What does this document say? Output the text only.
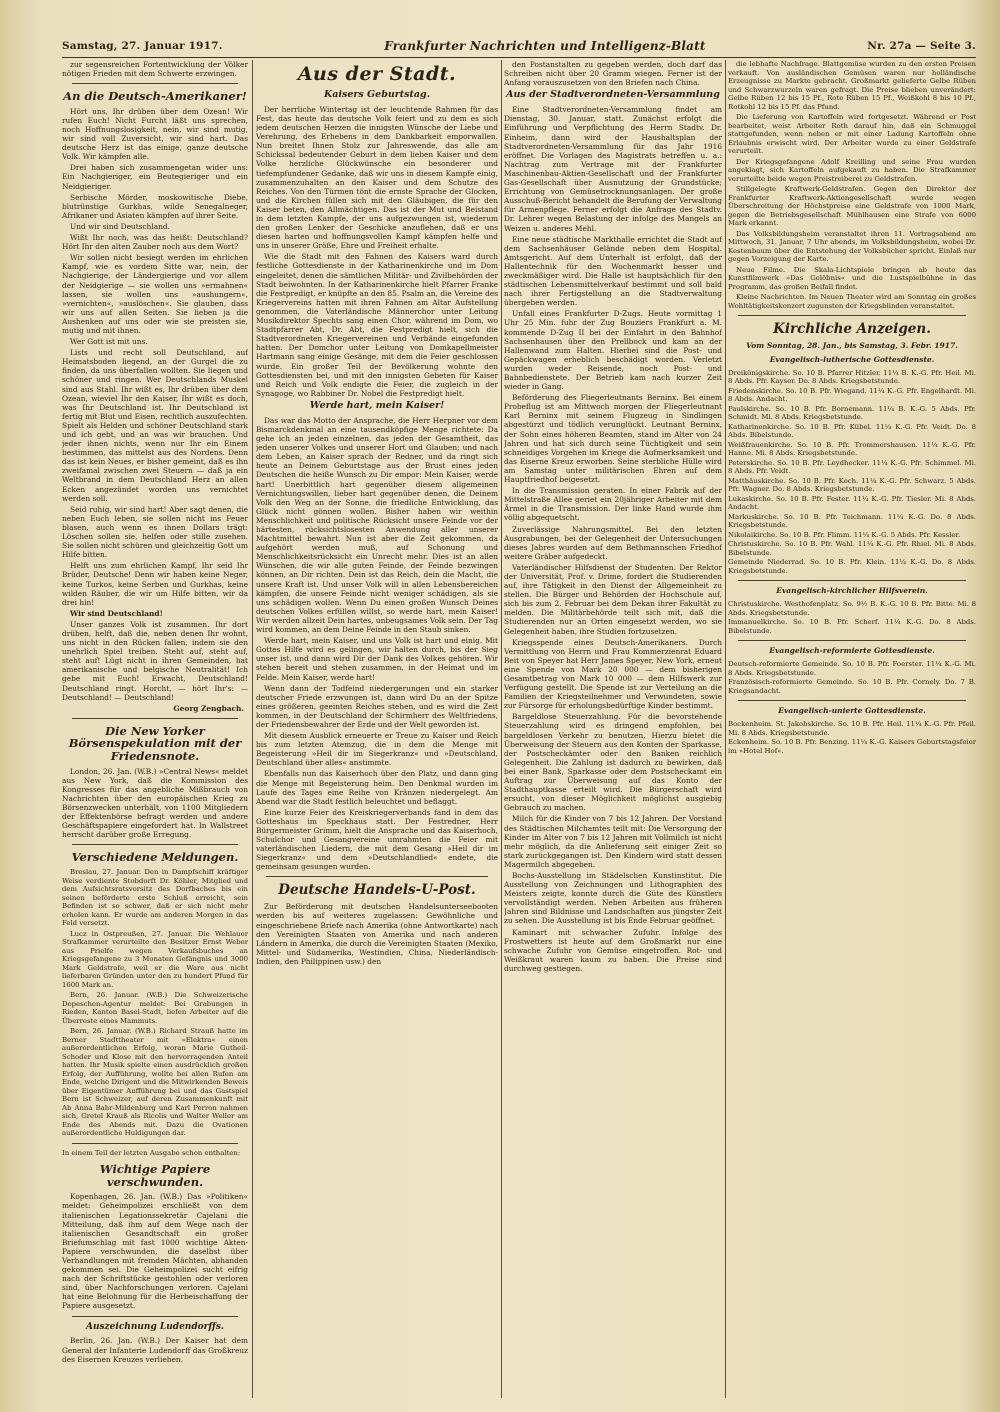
Samstag, 27. Januar 1917.	Frankfurter Nachrichten und Intelligenz-Blatt	Nr. 27a — Seite 3.

zur segensreichen Fortentwicklung der Völker nötigen Frieden mit dem Schwerte erzwingen.

An die Deutsch-Amerikaner!

Hört uns, Ihr drüben über dem Ozean! Wir rufen Euch! Nicht Furcht läßt uns sprechen, noch Hoffnungslosigkeit, nein, wir sind mutig, wir sind voll Zuversicht, wir sind hart. Das deutsche Herz ist das einige, ganze deutsche Volk. Wir kämpfen alle.

Drei haben sich zusammengetan wider uns: Ein Nachgieriger, ein Beutegieriger und ein Neidgieriger.

Serbische Mörder, moskowitische Diebe, blutrünstige Gurkhas, wilde Senegalneger, Afrikaner und Asiaten kämpfen auf ihrer Seite.

Und wir sind Deutschland.

Wißt Ihr noch, was das heißt: Deutschland? Hört Ihr den alten Zauber noch aus dem Wort?

Wir sollen nicht besiegt werden im ehrlichen Kampf, wie es vordem Sitte war, nein, der Nachgierige, der Ländergierige und vor allem der Neidgierige — sie wollen uns »ermahnen« lassen, sie wollen uns »aushungern«, »vernichten«, »auslöschen«. Sie glauben, dass wir uns auf allen Seiten. Sie lieben ja die Aushenken auf uns oder wie sie preisten sie, mutig und mit ihnen.

Wer Gott ist mit uns.

Lists und recht soll Deutschland, auf Heimatsboden liegend, an der Gurgel die zu finden, da uns überfallen wollten. Sie liegen und schöner und ringen. Wer Deutschlands Muskel sind aus Stahl. Ihr wißt es, Ihr drüben über dem Ozean, wieviel Ihr den Kaiser, Ihr wißt es doch, was Ihr Deutschland ist. Ihr Deutschland ist fertig mit Blut und Eisen, rechtlich auszufechten. Spielt als Helden und schöner Deutschland stark und ich gebt, und an was wir brauchen. Und jeder ihnen nichts, wenn nur Ihr ein Einem bestimmen, das mittelst aus des Nordens. Denn das ist kein Neues, er bisher gemeint, daß es ihn zweifamal zwischen zwei Steuern — daß ja ein Weltbrand in dem Deutschland Herz an allen Ecken angezündet worden uns vernichtet werden soll.

Seid ruhig, wir sind hart! Aber sagt denen, die neben Euch leben, sie sollen nicht ins Feuer blasen, auch wenn es ihnen Dollars trägt: Löschen sollen sie, helfen oder stille zusehen. Sie sollen nicht schüren und gleichzeitig Gott um Hilfe bitten.

Helft uns zum ehrlichen Kampf, Ihr seid Ihr Brüder, Deutsche! Denn wir haben keine Neger, keine Turkos, keine Serben und Gurkhas, keine wilden Räuber, die wir um Hilfe bitten, wir da drei hin!

Wir sind Deutschland!

Unser ganzes Volk ist zusammen. Ihr dort drüben, helft, daß die, neben denen Ihr wohnt, uns nicht in den Rücken fallen, indem sie den unehrlich Spiel treiben. Steht auf, steht auf, steht auf! Lügt nicht in ihren Gemeinden, hat amerikanische und belgische Neutralität! Ich gebe mit Euch! Erwacht, Deutschland! Deutschland ringt. Horcht, — hört Ihr's: — Deutschland! — Deutschland!

Georg Zengbach.
Die New Yorker Börsenspekulation mit der Friedensnote.

London, 26. Jan. (W.B.) »Central News« meldet aus New York, daß die Kommission des Kongresses für das angebliche Mißbrauch von Nachrichten über den europäischen Krieg zu Börsenzwecken unterhält, von 1100 Mitgliedern der Effektenbörse befragt werden und andere Geschäftspapiere eingefordert hat. In Wallstreet herrscht darüber große Erregung.

Verschiedene Meldungen.

Breslau, 27. Januar. Den in Dampfschiff kräftiger Weise verdiente Stobdorft Dr. Köhler, Mitglied und dem Aufsichtsratsvorsitz des Dorfbaches bis ein seinen beförderte erste Schluß erreicht, sein Befinden ist so schwer, daß er sich nicht mehr erholen kann. Er wurde am anderen Morgen in das Feld versetzt.

Lucz in Ostpreußen, 27. Januar. Die Wehlauer Strafkammer verurteilte den Besitzer Ernst Weber aus Prielfe wegen Verkaufsbuches an Kriegsgefangene zu 3 Monaten Gefängnis und 3000 Mark Geldstrafe, weil er die Ware aus nicht lieferbaren Gründen unter den zu hundert Pfund für 1600 Mark an.

Bern, 26. Januar. (W.B.) Die Schweizerische Depeschen-Agentur meldet: Bei Grabungen in Rieden, Kanton Basel-Stadt, liefen Arbeiter auf die Überreste eines Mammuts.

Bern, 26. Januar. (W.B.) Richard Strauß hatte im Berner Stadttheater mit »Elektra« einen außerordentlichen Erfolg, woran Marie Gutheil-Schoder und Klose mit den hervorragenden Anteil hatten. Ihr Musik spielte einen ausdrücklich großen Erfolg, der Aufführung, wollte bei allen Rufen am Ende, welche Dirigent und die Mitwirkenden Beweis über Eigentümer Aufführung bei und das Gastspiel Bern ist Schweizer, auf deren Zusammenkunft mit Ab Anna Bahr-Mildenburg und Karl Perron nahmen sich, Gretel Krauß als Ricolis und Walter Weller am Ende des Abends mit. Dazu die Ovationen außerordentliche Huldigungen dar.

In einem Teil der letzten Ausgabe schon enthalten:

Wichtige Papiere verschwunden.

Kopenhagen, 26. Jan. (W.B.) Das »Politiken« meldet: Geheimpolizei erschließt von dem italienischen Legationssekretär Cajelani die Mitteilung, daß ihm auf dem Wege nach der italienischen Gesandtschaft ein großer Briefumschlag mit fast 1000 wichtige Akten-Papiere verschwunden, die daselbst über Verhandlungen mit fremden Mächten, abhanden gekommen sei. Die Geheimpolizei sucht eifrig nach der Schriftstücke gestohlen oder verloren sind, über Nachforschungen verloren. Cajelani hat eine Belohnung für die Herbeischaffung der Papiere ausgesetzt.

Auszeichnung Ludendorffs.

Berlin, 26. Jan. (W.B.) Der Kaiser hat dem General der Infanterie Ludendorff das Großkreuz des Eisernen Kreuzes verliehen.

Aus der Stadt.
Kaisers Geburtstag.

Der herrliche Wintertag ist der leuchtende Rahmen für das Fest, das heute das deutsche Volk feiert und zu dem es sich jedem deutschen Herzen die innigsten Wünsche der Liebe und Verehrung, des Erhebens in dem Dankbarkeit emporwallen. Nun breitet Ihnen Stolz zur Jahreswende, das alle am Schickssal bedeutender Geburt in dem lieben Kaiser und dem Volke herzliche Glückwünsche ein besonderer und tiefempfundener Gedanke, daß wir uns in diesem Kampfe einig, zusammenzuhalten an den Kaiser und dem Schutze des Reiches. Von den Türmen tönt die ernste Sprache der Glocken, und die Kirchen füllen sich mit den Gläubigen, die für den Kaiser beten, den Allmächtigen. Das ist der Mut und Beistand in dem letzten Kampfe, der uns aufgezwungen ist, wiederum den großen Lenker der Geschicke anzuflehen, daß er uns diesen harten und hoffnungsvollen Kampf kämpfen helfe und uns in unserer Größe, Ehre und Freiheit erhalte.

Wie die Stadt mit den Fahnen des Kaisers ward durch festliche Gottesdienste in der Katharinenkirche und im Dom eingeleitet, denen die sämtlichen Militär- und Zivilbehörden der Stadt beiwohnten. In der Katharinenkirche hielt Pfarrer Franke die Festpredigt, er knüpfte an den 85. Psalm an, die Vereine des Kriegervereins hatten mit ihren Fahnen am Altar Aufstellung genommen, die Vaterländische Männerchor unter Leitung Musikdirektor Spechts sang einen Chor, während im Dom, wo Stadtpfarrer Abt, Dr. Abt, die Festpredigt hielt, sich die Stadtverordneten Kriegervereinen und Verbände eingefunden hatten. Der Domchor unter Leitung von Domkapellmeister Hartmann sang einige Gesänge, mit dem die Feier geschlossen wurde. Ein großer Teil der Bevölkerung wohnte den Gottesdiensten bei, und mit den innigsten Gebeten für Kaiser und Reich und Volk endigte die Feier, die zugleich in der Synagoge, wo Rabbiner Dr. Nobel die Festpredigt hielt.

Werde hart, mein Kaiser!

Das war das Motto der Ansprache, die Herr Herpner vor dem Bismarckdenkmal an eine tausendköpfige Menge richtete: Da gehe ich an jeden einzelnen, das jeden der Gesamtheit, das jeden unserer Volkes und unserer Hort und Glauben; und nach dem Leben, an Kaiser sprach der Redner, und da ringt sich heute an Deinem Geburtstage aus der Brust eines jeden Deutschen die heiße Wunsch zu Dir empor: Mein Kaiser, werde hart! Unerbittlich hart gegenüber diesem allgemeinen Vernichtungswillen, lieber hart gegenüber denen, die Deinem Volk den Weg an der Sonne, die friedliche Entwicklung, das Glück nicht gönnen wollen. Bisher haben wir weithin Menschlichkeit und politische Rücksicht unsere Feinde vor der härtesten, rücksichtslosesten Anwendung aller unserer Machtmittel bewahrt. Nun ist aber die Zeit gekommen, da aufgehört werden muß, auf Schonung und Menschlichkeitsrücksicht ein Unrecht mehr. Dies ist an allen Wünschen, die wir alle guten Feinde, der Feinde bezwingen können, an Dir richten. Dein ist das Reich, dein die Macht, die unsere Kraft ist. Und unser Volk will in allen Lebensbereichen kämpfen, die unsere Feinde nicht weniger schädigen, als sie uns schädigen wollen. Wenn Du einen großen Wunsch Deines deutschen Volkes erfüllen willst, so werde hart, mein Kaiser! Wir werden allzeit Dein hartes, unbeugsames Volk sein. Der Tag wird kommen, an dem Deine Feinde in den Staub sinken.

Werde hart, mein Kaiser, und uns Volk ist hart und einig. Mit Gottes Hilfe wird es gelingen, wir halten durch, bis der Sieg unser ist, und dann wird Dir der Dank des Volkes gehören. Wir stehen bereit und stehen zusammen, in der Heimat und im Felde. Mein Kaiser, werde hart!

Wenn dann der Todfeind niedergerungen und ein starker deutscher Friede erzwungen ist, dann wird Du an der Spitze eines größeren, geeinten Reiches stehen, und es wird die Zeit kommen, in der Deutschland der Schirmherr des Weltfriedens, der Friedensbewahrer der Erde und der Welt geworden ist.

Mit diesem Ausblick erneuerte er Treue zu Kaiser und Reich bis zum letzten Atemzug, die in dem die Menge mit Begeisterung »Heil dir im Siegerkranz« und »Deutschland, Deutschland über alles« anstimmte.

Ebenfalls nun das Kaiserhoch über den Platz, und dann ging die Menge mit Begeisterung heim. Den Denkmal wurden im Laufe des Tages eine Reihe von Kränzen niedergelegt. Am Abend war die Stadt festlich beleuchtet und beflaggt.

Eine kurze Feier des Kreiskriegerverbands fand in dem das Gotteshaus im Speckhaus statt. Der Festredner, Herr Bürgermeister Grimm, hielt die Ansprache und das Kaiserhoch, Schulchor und Gesangvereine umrahmten die Feier mit vaterländischen Liedern, die mit dem Gesang »Heil dir im Siegerkranz« und dem »Deutschlandlied« endete, die gemeinsam gesungen wurden.

Deutsche Handels-U-Post.

Zur Beförderung mit deutschen Handelsunterseebooten werden bis auf weiteres zugelassen: Gewöhnliche und eingeschriebene Briefe nach Amerika (ohne Antwortkarte) nach den Vereinigten Staaten von Amerika und nach anderen Ländern in Amerika, die durch die Vereinigten Staaten (Mexiko, Mittel- und Südamerika, Westindien, China, Niederländisch-Indien, den Philippinen usw.) den

den Postanstalten zu gegeben werden, doch darf das Schreiben nicht über 20 Gramm wiegen. Ferner ist der Anfang vorauszusetzen von den Briefen nach China.

Aus der Stadtverordneten-Versammlung

Eine Stadtverordneten-Versammlung findet am Dienstag, 30. Januar, statt. Zunächst erfolgt die Einführung und Verpflichtung des Herrn Stadtv. Dr. Einheim, dann wird der Haushaltsplan der Stadtverordneten-Versammlung für das Jahr 1916 eröffnet. Die Vorlagen des Magistrats betreffen u. a.: Nachtrag zum Vertrage mit der Frankfurter Maschinenbau-Aktien-Gesellschaft und der Frankfurter Gas-Gesellschaft über Ausnutzung der Grundstücke; Errichtung von Gemüsetrocknungsanlagen. Der große Ausschuß-Bericht behandelt die Berufung der Verwaltung für Armenpflege. Ferner erfolgt die Anfrage des Stadtv. Dr. Lehrer wegen Belastung der infolge des Mangels an Weizen u. anderes Mehl.

Eine neue städtische Markthalle errichtet die Stadt auf dem Sachsenhäuser Gelände neben dem Hospital. Amtsgericht. Auf dem Unterhalt ist erfolgt, daß der Hallentechnik für den Wochenmarkt besser und zweckmäßiger wird. Die Halle ist hauptsächlich für den städtischen Lebensmittelverkauf bestimmt und soll bald nach ihrer Fertigstellung an die Stadtverwaltung übergeben werden.

Unfall eines Frankfurter D-Zugs. Heute vormittag 1 Uhr 25 Min. fuhr der Zug Bouziers Frankfurt a. M. kommende D-Zug II bei der Einfahrt in den Bahnhof Sachsenhausen über den Prellbock und kam an der Hallenwand zum Halten. Hierbei sind die Post- und Gepäckwagen erheblich beschädigt worden. Verletzt wurden weder Reisende, noch Post- und Bahnbedienstete. Der Betrieb kam nach kurzer Zeit wieder in Gang.

Beförderung des Fliegerleutnants Berninx. Bei einem Probeflug ist am Mittwoch morgen der Fliegerleutnant Karl Berninx mit seinem Flugzeug in Sindlingen abgestürzt und tödlich verunglückt. Leutnant Berninx, der Sohn eines höheren Beamten, stand im Alter von 24 Jahren und hat sich durch seine Tüchtigkeit und sein schneidiges Vorgehen im Kriege die Aufmerksamkeit und das Eiserne Kreuz erworben. Seine sterbliche Hülle wird am Samstag unter militärischen Ehren auf dem Hauptfriedhof beigesetzt.

In die Transmission geraten. In einer Fabrik auf der Mittelstraße Allee geriet ein 20jähriger Arbeiter mit dem Ärmel in die Transmission. Der linke Hand wurde ihm völlig abgequetscht.

Zuverlässige Nahrungsmittel. Bei den letzten Ausgrabungen, bei der Gelegenheit der Untersuchungen dieses Jahres wurden auf dem Bethmannschen Friedhof weitere Gräber aufgedeckt.

Vaterländischer Hilfsdienst der Studenten. Der Rektor der Universität, Prof. v. Drime, fordert die Studierenden auf, ihre Tätigkeit in den Dienst der Allgemeinheit zu stellen. Die Bürger und Behörden der Hochschule auf, sich bis zum 2. Februar bei dem Dekan ihrer Fakultät zu melden. Die Militärbehörde teilt sich mit, daß die Studierenden nur an Orten eingesetzt werden, wo sie Gelegenheit haben, ihre Studien fortzusetzen.

Kriegsspende eines Deutsch-Amerikaners. Durch Vermittlung von Herrn und Frau Kommerzienrat Eduard Beit von Speyer hat Herr James Speyer, New York, erneut eine Spende von Mark 20 000 — dem bisherigen Gesamtbetrag von Mark 10 000 — dem Hilfswerk zur Verfügung gestellt. Die Spende ist zur Verteilung an die Familien der Kriegsteilnehmer und Verwundeten, sowie zur Fürsorge für erholungsbedürftige Kinder bestimmt.

Bargeldlose Steuerzahlung. Für die bevorstehende Steuerzahlung wird es dringend empfohlen, bei bargeldlosen Verkehr zu benutzen, Hierzu bietet die Überweisung der Steuern aus den Konten der Sparkasse, der Postscheckämter oder den Banken reichlich Gelegenheit. Die Zahlung ist dadurch zu bewirken, daß bei einer Bank, Sparkasse oder dem Postscheckamt ein Auftrag zur Überweisung auf das Konto der Stadthauptkasse erteilt wird. Die Bürgerschaft wird ersucht, von dieser Möglichkeit möglichst ausgiebig Gebrauch zu machen.

Milch für die Kinder von 7 bis 12 Jahren. Der Vorstand des Städtischen Milchamtes teilt mit: Die Versorgung der Kinder im Alter von 7 bis 12 Jahren mit Vollmilch ist nicht mehr möglich, da die Anlieferung seit einiger Zeit so stark zurückgegangen ist. Den Kindern wird statt dessen Magermilch abgegeben.

Bochs-Ausstellung im Städelschen Kunstinstitut. Die Ausstellung von Zeichnungen und Lithographien des Meisters zeigte, konnte durch die Güte des Künstlers vervollständigt werden. Neben Arbeiten aus früheren Jahren sind Bildnisse und Landschaften aus jüngster Zeit zu sehen. Die Ausstellung ist bis Ende Februar geöffnet.

Kaminart mit schwacher Zufuhr. Infolge des Frostwetters ist heute auf dem Großmarkt nur eine schwache Zufuhr von Gemüse eingetroffen. Rot- und Weißkraut waren kaum zu haben. Die Preise sind durchweg gestiegen.

die lebhafte Nachfrage. Blattgemüse wurden zu den ersten Preisen verkauft. Von ausländischen Gemüsen waren nur holländische Erzeugnisse zu Markte gebracht. Großmarkt gelieferte Gelbe Rüben und Schwarzwurzeln waren gefragt. Die Preise blieben unverändert: Gelbe Rüben 12 bis 15 Pf., Rote Rüben 15 Pf., Weißkohl 8 bis 10 Pf., Rotkohl 12 bis 15 Pf. das Pfund.

Die Lieferung von Kartoffeln wird fortgesetzt. Während er Post bearbeitet, weist Arbeiter Roth darauf hin, daß ein Schmuggel stattgefunden, wenn neben er mit einer Ladung Kartoffeln ohne Erlaubnis erwischt wird. Der Arbeiter wurde zu einer Geldstrafe verurteilt.

Der Kriegsgefangene Adolf Kreilling und seine Frau wurden angeklagt, sich Kartoffeln aufgekauft zu haben. Die Strafkammer verurteilte beide wegen Preistreiberei zu Geldstrafen.

Stillgelegte Kraftwerk-Geldstrafen. Gegen den Direktor der Frankfurter Kraftwerk-Aktiengesellschaft wurde wegen Überschreitung der Höchstpreise eine Geldstrafe von 1000 Mark, gegen die Betriebsgesellschaft Mühlhausen eine Strafe von 6000 Mark erkannt.

Das Volksbildungsheim veranstaltet ihren 11. Vortragsabend am Mittwoch, 31. Januar, 7 Uhr abends, im Volksbildungsheim, wobei Dr. Kestenbaum über die Entstehung der Volksbücher spricht. Einlaß nur gegen Vorzeigung der Karte.

Neue Filme. Die Skala-Lichtspiele bringen ab heute das Kunstfilmwerk »Das Gelöbnis« und die Lustspielbühne in das Programm, das großen Beifall findet.

Kleine Nachrichten. Im Neuen Theater wird am Sonntag ein großes Wohltätigkeitskonzert zugunsten der Kriegsblinden veranstaltet.

Kirchliche Anzeigen.
Vom Sonntag, 28. Jan., bis Samstag, 3. Febr. 1917.
Evangelisch-lutherische Gottesdienste.

Dreikönigskirche. So. 10 B. Pfarrer Hitzler. 11¼ B. K.-G. Pfr. Heil. Mi. 8 Abds. Pfr. Kayser. Do. 8 Abds. Kriegsbetstunde.

Friedenskirche. So. 10 B. Pfr. Wiegand. 11¼ K.-G. Pfr. Engelhardt. Mi. 8 Abds. Andacht.

Paulskirche. So. 10 B. Pfr. Bornemann. 11¼ B. K.-G. 5 Abds. Pfr. Schmidt. Mi. 8 Abds. Kriegsbetstunde.

Katharinenkirche. So. 10 B. Pfr. Kübel. 11¼ K.-G. Pfr. Veidt. Do. 8 Abds. Bibelstunde.

Weißfrauenkirche. So. 10 B. Pfr. Trommershausen. 11¼ K.-G. Pfr. Hanne. Mi. 8 Abds. Kriegsbetstunde.

Peterskirche. So. 10 B. Pfr. Leydhecker. 11¼ K.-G. Pfr. Schimmel. Mi. 8 Abds. Pfr. Veidt.

Matthäuskirche. So. 10 B. Pfr. Koch. 11¼ K.-G. Pfr. Schwarz. 5 Abds. Pfr. Wagner. Do. 8 Abds. Kriegsbetstunde.

Lukaskirche. So. 10 B. Pfr. Fester. 11¼ K.-G. Pfr. Tiesler. Mi. 8 Abds. Andacht.

Markuskirche. So. 10 B. Pfr. Teichmann. 11¼ K.-G. Do. 8 Abds. Kriegsbetstunde.

Nikolaikirche. So. 10 B. Pfr. Flimm. 11¼ K.-G. 5 Abds. Pfr. Kessler.

Christuskirche. So. 10 B. Pfr. Wahl. 11¼ K.-G. Pfr. Rhiel. Mi. 8 Abds. Bibelstunde.

Gemeinde Niederrad. So. 10 B. Pfr. Klein. 11¼ K.-G. Do. 8 Abds. Kriegsbetstunde.

Evangelisch-kirchlicher Hilfsverein.

Christuskirche. Westhofenplatz. So. 9½ B. K.-G. 10 B. Pfr. Bitte. Mi. 8 Abds. Kriegsbetstunde.

Immanuelkirche. So. 10 B. Pfr. Scherf. 11¼ K.-G. Do. 8 Abds. Bibelstunde.

Evangelisch-reformierte Gottesdienste.

Deutsch-reformierte Gemeinde. So. 10 B. Pfr. Foerster. 11¼ K.-G. Mi. 8 Abds. Kriegsbetstunde.

Französisch-reformierte Gemeinde. So. 10 B. Pfr. Cornely. Do. 7 B. Kriegsandacht.

Evangelisch-unierte Gottesdienste.

Bockenheim. St. Jakobskirche. So. 10 B. Pfr. Heil. 11¼ K.-G. Pfr. Pfeil. Mi. 8 Abds. Kriegsbetstunde.

Eckenheim. So. 10 B. Pfr. Benzing. 11¼ K.-G. Kaisers Geburtstagsfeier im »Hotel Hof«.
